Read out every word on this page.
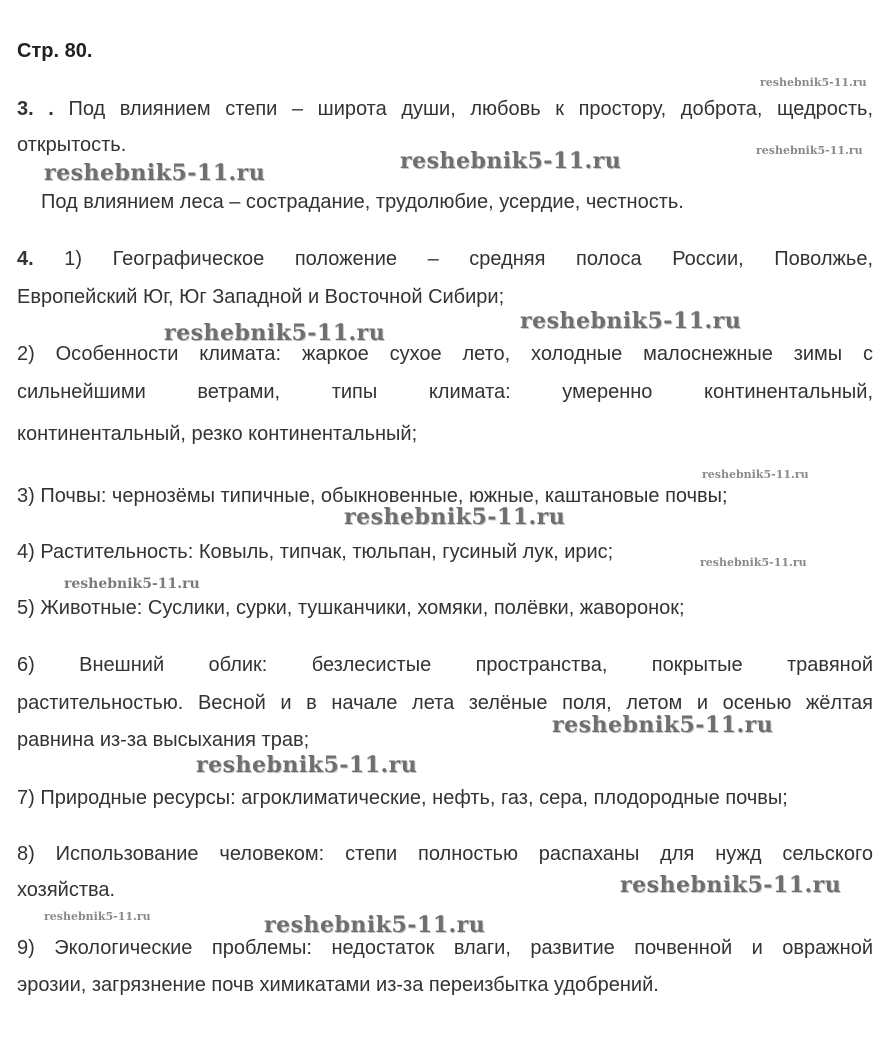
Стр. 80.
3. . Под влиянием степи – широта души, любовь к простору, доброта, щедрость,
открытость.
Под влиянием леса – сострадание, трудолюбие, усердие, честность.
4. 1) Географическое положение – средняя полоса России, Поволжье,
Европейский Юг, Юг Западной и Восточной Сибири;
2) Особенности климата: жаркое сухое лето, холодные малоснежные зимы с
сильнейшими ветрами, типы климата: умеренно континентальный,
континентальный, резко континентальный;
3) Почвы: чернозёмы типичные, обыкновенные, южные, каштановые почвы;
4) Растительность: Ковыль, типчак, тюльпан, гусиный лук, ирис;
5) Животные: Суслики, сурки, тушканчики, хомяки, полёвки, жаворонок;
6) Внешний облик: безлесистые пространства, покрытые травяной
растительностью. Весной и в начале лета зелёные поля, летом и осенью жёлтая
равнина из-за высыхания трав;
7) Природные ресурсы: агроклиматические, нефть, газ, сера, плодородные почвы;
8) Использование человеком: степи полностью распаханы для нужд сельского
хозяйства.
9) Экологические проблемы: недостаток влаги, развитие почвенной и овражной
эрозии, загрязнение почв химикатами из-за переизбытка удобрений.
reshebnik5-11.ru
reshebnik5-11.ru
reshebnik5-11.ru	reshebnik5-11.ru
reshebnik5-11.ru	reshebnik5-11.ru
reshebnik5-11.ru
reshebnik5-11.ru
reshebnik5-11.ru
reshebnik5-11.ru
reshebnik5-11.ru
reshebnik5-11.ru
reshebnik5-11.ru
reshebnik5-11.ru	reshebnik5-11.ru
